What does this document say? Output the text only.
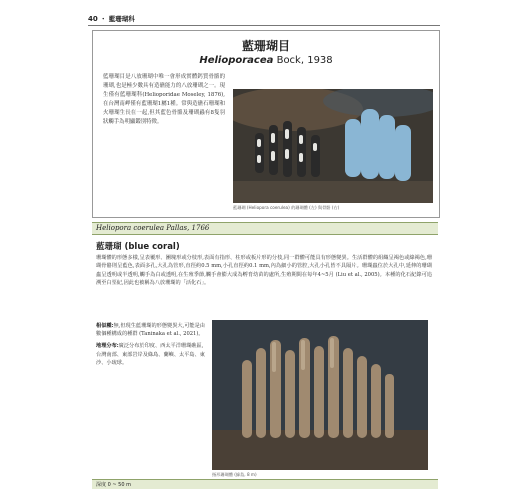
40 ・ 藍珊瑚科
藍珊瑚目
Helioporacea Bock, 1938
藍珊瑚目是八放珊瑚中唯一會形成實體鈣質骨骼的珊瑚,也是極少數具有造礁能力的八放珊瑚之一。現生僅有藍珊瑚科(Helioporidae Moseley, 1876),在台灣南岬僅有藍珊瑚1屬1種。常與造礁石珊瑚和火珊瑚生長在一起,但其藍色骨骼及珊瑚蟲有8隻羽狀觸手為明顯鑑別特徵。
藍珊瑚 (Heliopora coerulea) 的珊瑚體 (左) 與骨骼 (右)
Heliopora coerulea Pallas, 1766
藍珊瑚 (blue coral)
珊瑚體的形態多樣,呈表覆形、團塊形或分枝形,表面有指形、柱形或板片形的分枝,同一群體可能具有形態變異。生活群體的組織呈褐色或綠褐色,珊瑚骨骼則呈藍色,表面多孔,大孔為管形,直徑約0.5 mm,小孔直徑約0.1 mm,內為細小的管腔,大孔小孔皆不具隔片。珊瑚蟲位於大孔中,延伸的珊瑚蟲呈透明或半透明,觸手為白或透明,在生殖季節,觸手會膨大成為孵育幼苗的處所,生殖期間在每年4~5月 (Liu et al., 2005)。本種的化石紀錄可追溯至白堊紀,因此也被稱為八放珊瑚的「活化石」。

相似種:無,但現生藍珊瑚的形態變異大,可能是由數個種構成的種群 (Taninaka et al., 2021)。

地理分布:廣泛分布於印度、西太平洋珊瑚礁區,台灣南部、東部岩岸及綠島、蘭嶼、太平島、東沙、小琉球。

指形珊瑚體 (綠島, 8 m)
深度 0 ~ 50 m
